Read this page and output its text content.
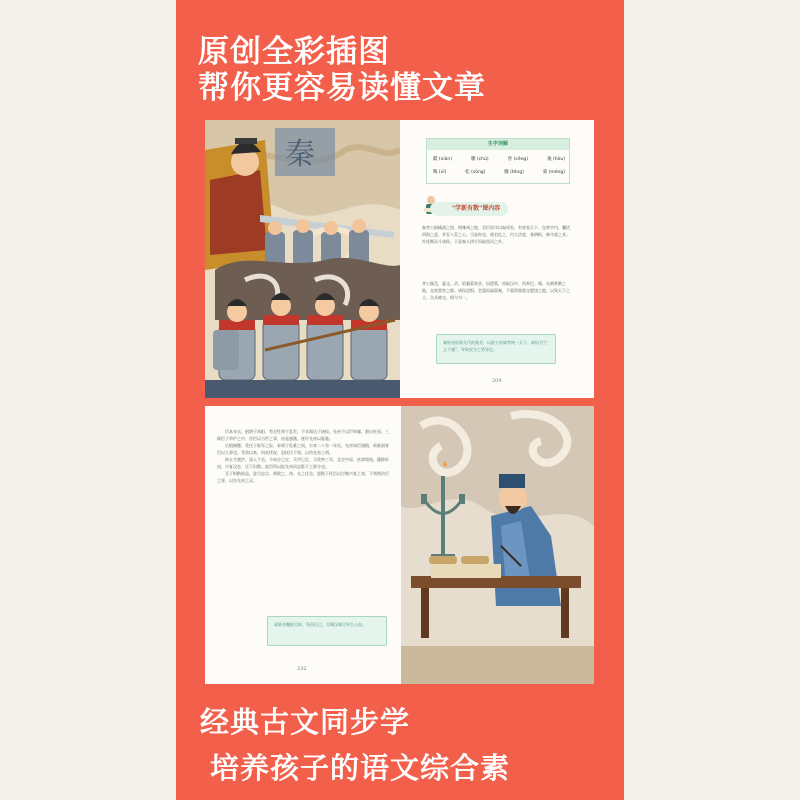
原创全彩插图
帮你更容易读懂文章
秦	生字词解
獻 (xiàn)	雛 (chú)	曾 (céng)	後 (hòu)
稀 (xī)	松 (sōng)	騰 (téng)	蒙 (méng)
"学新有数"课内容

秦孝公据崤函之固，拥雍州之地，君臣固守以窥周室，有席卷天下，包举宇内，囊括四海之意，并吞八荒之心。当是时也，商君佐之，内立法度，务耕织，修守战之具；外连衡而斗诸侯。于是秦人拱手而取西河之外。

孝公既没，惠文、武、昭襄蒙故业，因遗策，南取汉中，西举巴、蜀，东割膏腴之地，北收要害之郡。诸侯恐惧，会盟而谋弱秦，不爱珍器重宝肥饶之地，以致天下之士，合从缔交，相与为一。

秦始皇依靠先代的基业，以最大的威势统一天下。却因为"仁义不施"，导致攻守之势异也。
209

臣本布衣，躬耕于南阳，苟全性命于乱世，不求闻达于诸侯。先帝不以臣卑鄙，猥自枉屈，三顾臣于草庐之中，咨臣以当世之事，由是感激，遂许先帝以驱驰。

后值倾覆，受任于败军之际，奉命于危难之间，尔来二十有一年矣。先帝知臣谨慎，故临崩寄臣以大事也。受命以来，夙夜忧叹，恐托付不效，以伤先帝之明。

故五月渡泸，深入不毛。今南方已定，兵甲已足，当奖率三军，北定中原，庶竭驽钝，攘除奸凶，兴复汉室，还于旧都。此臣所以报先帝而忠陛下之职分也。

至于斟酌损益，进尽忠言，则攸之、祎、允之任也。愿陛下托臣以讨贼兴复之效，不效则治臣之罪，以告先帝之灵。

诸葛亮鞠躬尽瘁、死而后已，为蜀汉倾尽毕生心血。
232
经典古文同步学
培养孩子的语文综合素
